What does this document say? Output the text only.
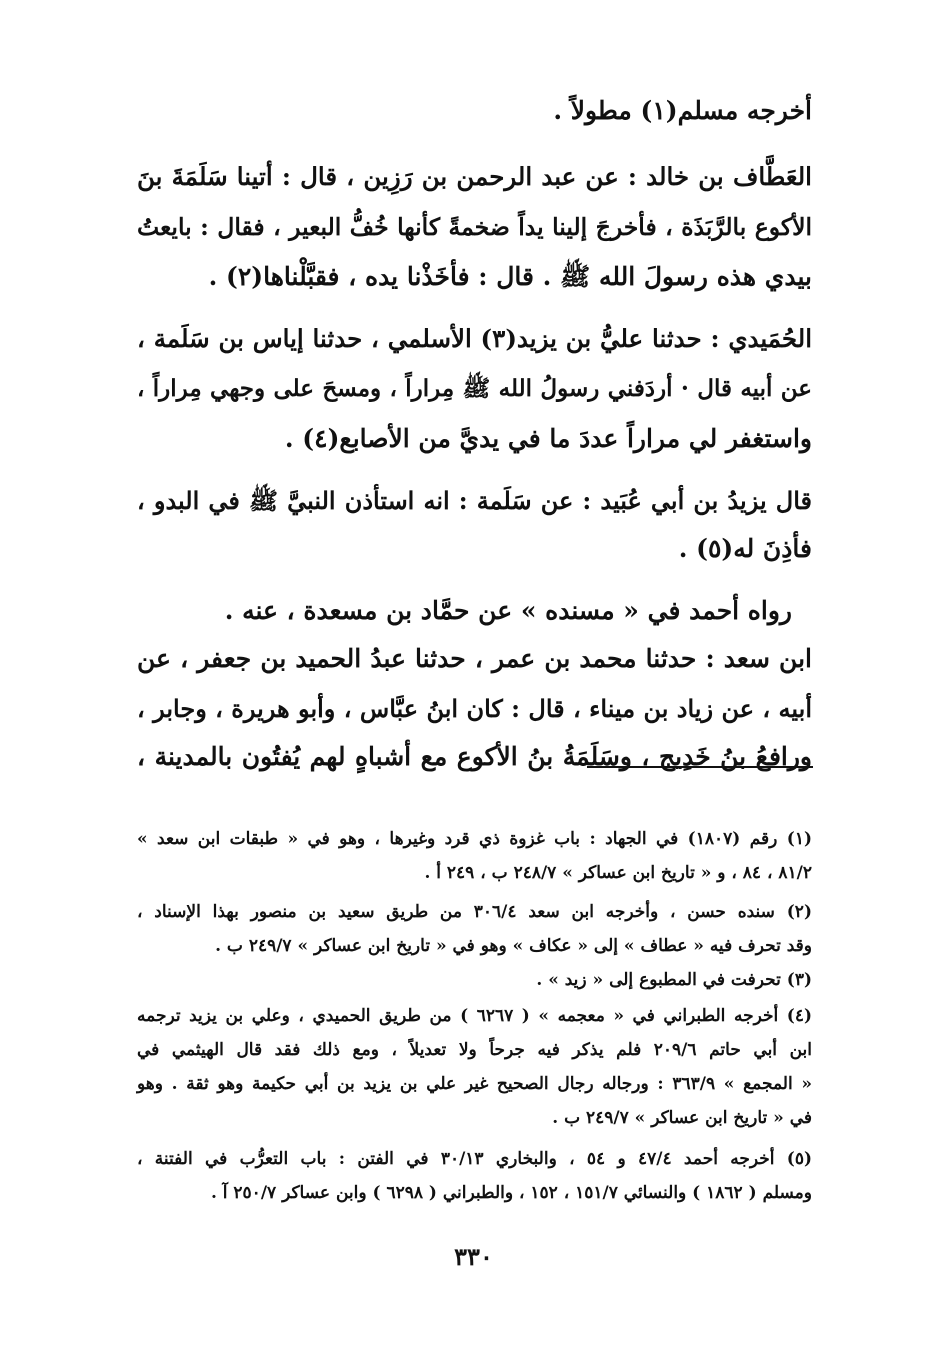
أخرجه مسلم(١) مطولاً .
العَطَّاف بن خالد : عن عبد الرحمن بن رَزِين ، قال : أتينا سَلَمَةَ بنَ
الأكوع بالرَّبَذَة ، فأخرجَ إلينا يداً ضخمةً كأنها خُفُّ البعير ، فقال : بايعتُ
بيدي هذه رسولَ الله ﷺ . قال : فأخَذْنا يده ، فقبَّلْناها(٢) .
الحُمَيدي : حدثنا عليُّ بن يزيد(٣) الأسلمي ، حدثنا إياس بن سَلَمة ،
عن أبيه قال · أردَفني رسولُ الله ﷺ مِراراً ، ومسحَ على وجهي مِراراً ،
واستغفر لي مراراً عددَ ما في يديَّ من الأصابع(٤) .
قال يزيدُ بن أبي عُبَيد : عن سَلَمة : انه استأذن النبيَّ ﷺ في البدو ،
فأذِنَ له(٥) .
رواه أحمد في « مسنده » عن حمَّاد بن مسعدة ، عنه .
ابن سعد : حدثنا محمد بن عمر ، حدثنا عبدُ الحميد بن جعفر ، عن
أبيه ، عن زياد بن ميناء ، قال : كان ابنُ عبَّاس ، وأبو هريرة ، وجابر ،
ورافعُ بنُ خَدِيج ، وسَلَمَةُ بنُ الأكوع مع أشباهٍ لهم يُفتُون بالمدينة ،
(١) رقم (١٨٠٧) في الجهاد : باب غزوة ذي قرد وغيرها ، وهو في « طبقات ابن سعد »
٨١/٢ ، ٨٤ ، و « تاريخ ابن عساكر » ٢٤٨/٧ ب ، ٢٤٩ أ .
(٢) سنده حسن ، وأخرجه ابن سعد ٣٠٦/٤ من طريق سعيد بن منصور بهذا الإسناد ،
وقد تحرف فيه « عطاف » إلى « عكاف » وهو في « تاريخ ابن عساكر » ٢٤٩/٧ ب .
(٣) تحرفت في المطبوع إلى « زيد » .
(٤) أخرجه الطبراني في « معجمه » ( ٦٢٦٧ ) من طريق الحميدي ، وعلي بن يزيد ترجمه
ابن أبي حاتم ٢٠٩/٦ فلم يذكر فيه جرحاً ولا تعديلاً ، ومع ذلك فقد قال الهيثمي في
« المجمع » ٣٦٣/٩ : ورجاله رجال الصحيح غير علي بن يزيد بن أبي حكيمة وهو ثقة . وهو
في « تاريخ ابن عساكر » ٢٤٩/٧ ب .
(٥) أخرجه أحمد ٤٧/٤ و ٥٤ ، والبخاري ٣٠/١٣ في الفتن : باب التعرُّب في الفتنة ،
ومسلم ( ١٨٦٢ ) والنسائي ١٥١/٧ ، ١٥٢ ، والطبراني ( ٦٢٩٨ ) وابن عساكر ٢٥٠/٧ آ .
٣٣٠
